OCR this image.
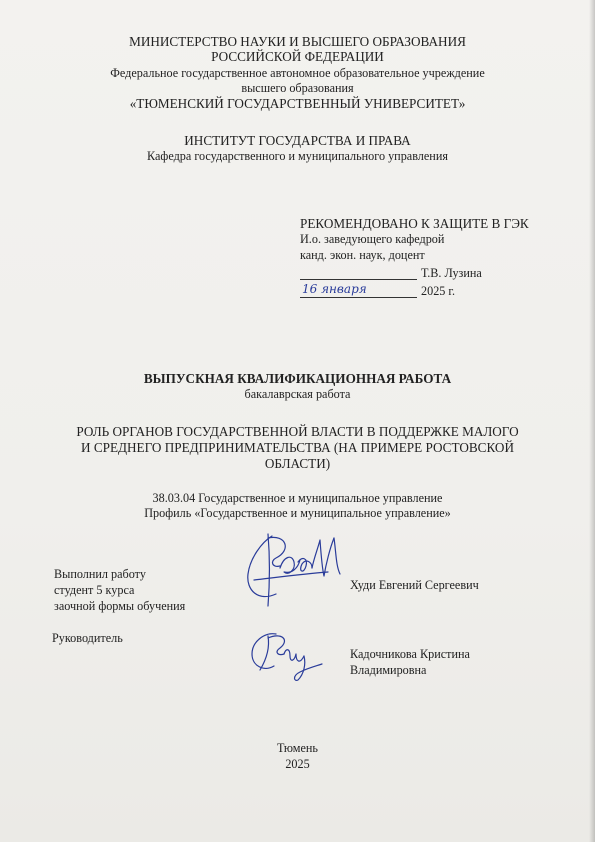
МИНИСТЕРСТВО НАУКИ И ВЫСШЕГО ОБРАЗОВАНИЯ
РОССИЙСКОЙ ФЕДЕРАЦИИ
Федеральное государственное автономное образовательное учреждение
высшего образования
«ТЮМЕНСКИЙ ГОСУДАРСТВЕННЫЙ УНИВЕРСИТЕТ»
ИНСТИТУТ ГОСУДАРСТВА И ПРАВА
Кафедра государственного и муниципального управления
РЕКОМЕНДОВАНО К ЗАЩИТЕ В ГЭК
И.о. заведующего кафедрой
канд. экон. наук, доцент
Т.В. Лузина
16 января	2025 г.
ВЫПУСКНАЯ КВАЛИФИКАЦИОННАЯ РАБОТА
бакалаврская работа
РОЛЬ ОРГАНОВ ГОСУДАРСТВЕННОЙ ВЛАСТИ В ПОДДЕРЖКЕ МАЛОГО
И СРЕДНЕГО ПРЕДПРИНИМАТЕЛЬСТВА (НА ПРИМЕРЕ РОСТОВСКОЙ
ОБЛАСТИ)
38.03.04 Государственное и муниципальное управление
Профиль «Государственное и муниципальное управление»
Выполнил работу
студент 5 курса
заочной формы обучения
Худи Евгений Сергеевич
Руководитель
Кадочникова Кристина
Владимировна
Тюмень
2025
